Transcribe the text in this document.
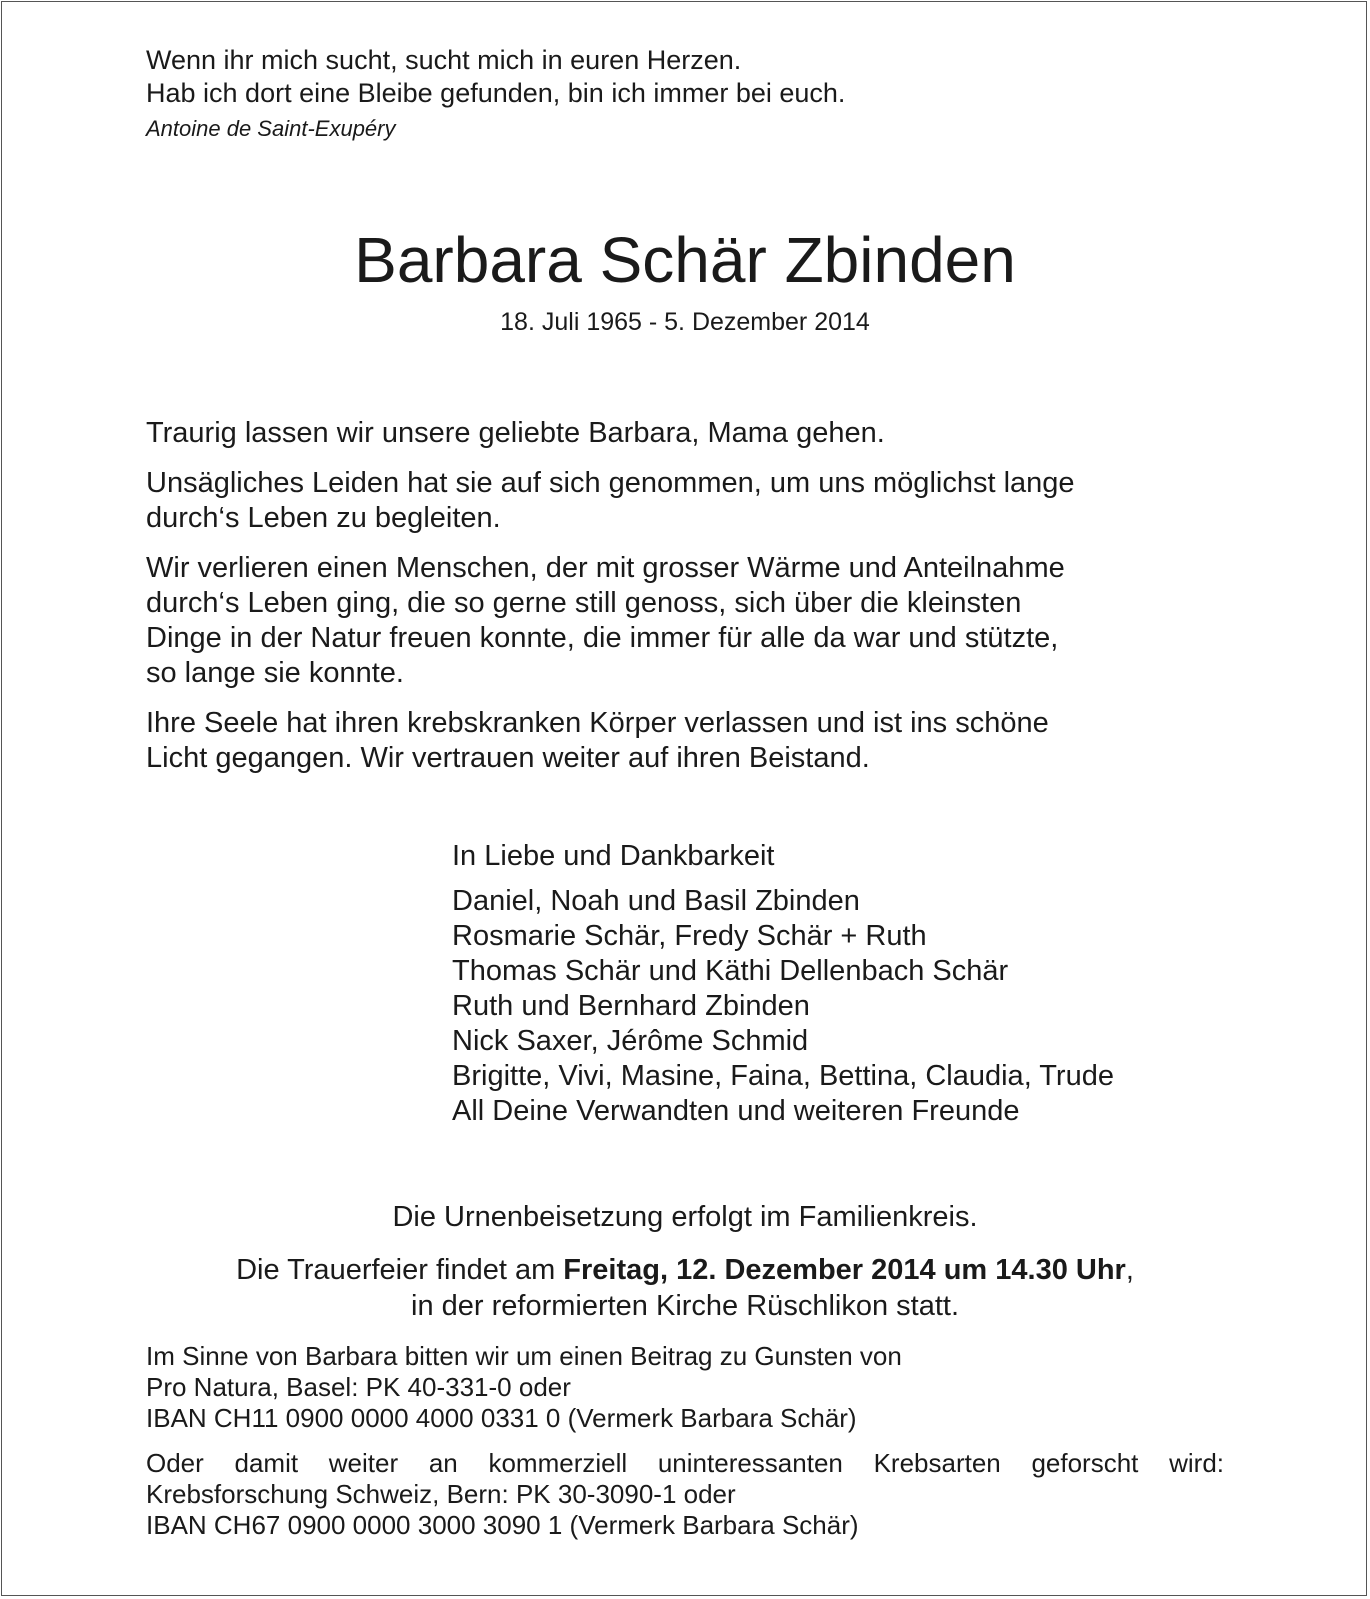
Wenn ihr mich sucht, sucht mich in euren Herzen.
Hab ich dort eine Bleibe gefunden, bin ich immer bei euch.
Antoine de Saint-Exupéry
Barbara Schär Zbinden
18. Juli 1965 - 5. Dezember 2014

Traurig lassen wir unsere geliebte Barbara, Mama gehen.

Unsägliches Leiden hat sie auf sich genommen, um uns möglichst lange
durch‘s Leben zu begleiten.

Wir verlieren einen Menschen, der mit grosser Wärme und Anteilnahme
durch‘s Leben ging, die so gerne still genoss, sich über die kleinsten
Dinge in der Natur freuen konnte, die immer für alle da war und stützte,
so lange sie konnte.

Ihre Seele hat ihren krebskranken Körper verlassen und ist ins schöne
Licht gegangen. Wir vertrauen weiter auf ihren Beistand.

In Liebe und Dankbarkeit
Daniel, Noah und Basil Zbinden
Rosmarie Schär, Fredy Schär + Ruth
Thomas Schär und Käthi Dellenbach Schär
Ruth und Bernhard Zbinden
Nick Saxer, Jérôme Schmid
Brigitte, Vivi, Masine, Faina, Bettina, Claudia, Trude
All Deine Verwandten und weiteren Freunde
Die Urnenbeisetzung erfolgt im Familienkreis.
Die Trauerfeier findet am Freitag, 12. Dezember 2014 um 14.30 Uhr,
in der reformierten Kirche Rüschlikon statt.
Im Sinne von Barbara bitten wir um einen Beitrag zu Gunsten von
Pro Natura, Basel: PK 40-331-0 oder
IBAN CH11 0900 0000 4000 0331 0 (Vermerk Barbara Schär)
Oder damit weiter an kommerziell uninteressanten Krebsarten geforscht wird:
Krebsforschung Schweiz, Bern: PK 30-3090-1 oder
IBAN CH67 0900 0000 3000 3090 1 (Vermerk Barbara Schär)
